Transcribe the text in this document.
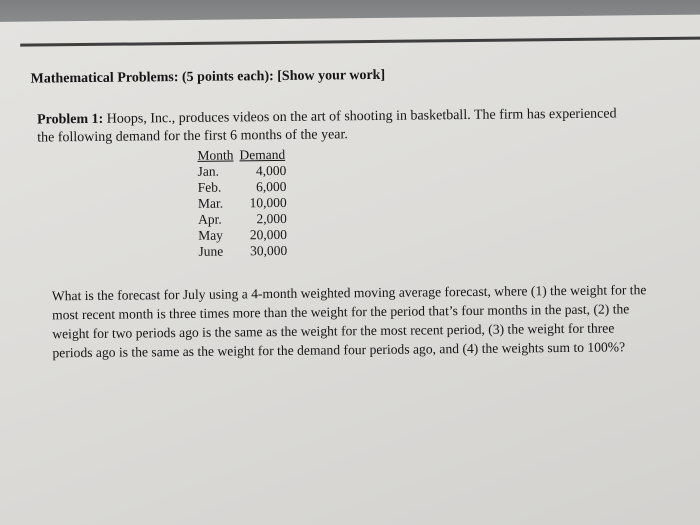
Mathematical Problems: (5 points each): [Show your work]
Problem 1: Hoops, Inc., produces videos on the art of shooting in basketball. The firm has experienced
the following demand for the first 6 months of the year.
Month	Demand
Jan.	4,000
Feb.	6,000
Mar.	10,000
Apr.	2,000
May	20,000
June	30,000
What is the forecast for July using a 4-month weighted moving average forecast, where (1) the weight for the most recent month is three times more than the weight for the period that’s four months in the past, (2) the weight for two periods ago is the same as the weight for the most recent period, (3) the weight for three periods ago is the same as the weight for the demand four periods ago, and (4) the weights sum to 100%?
